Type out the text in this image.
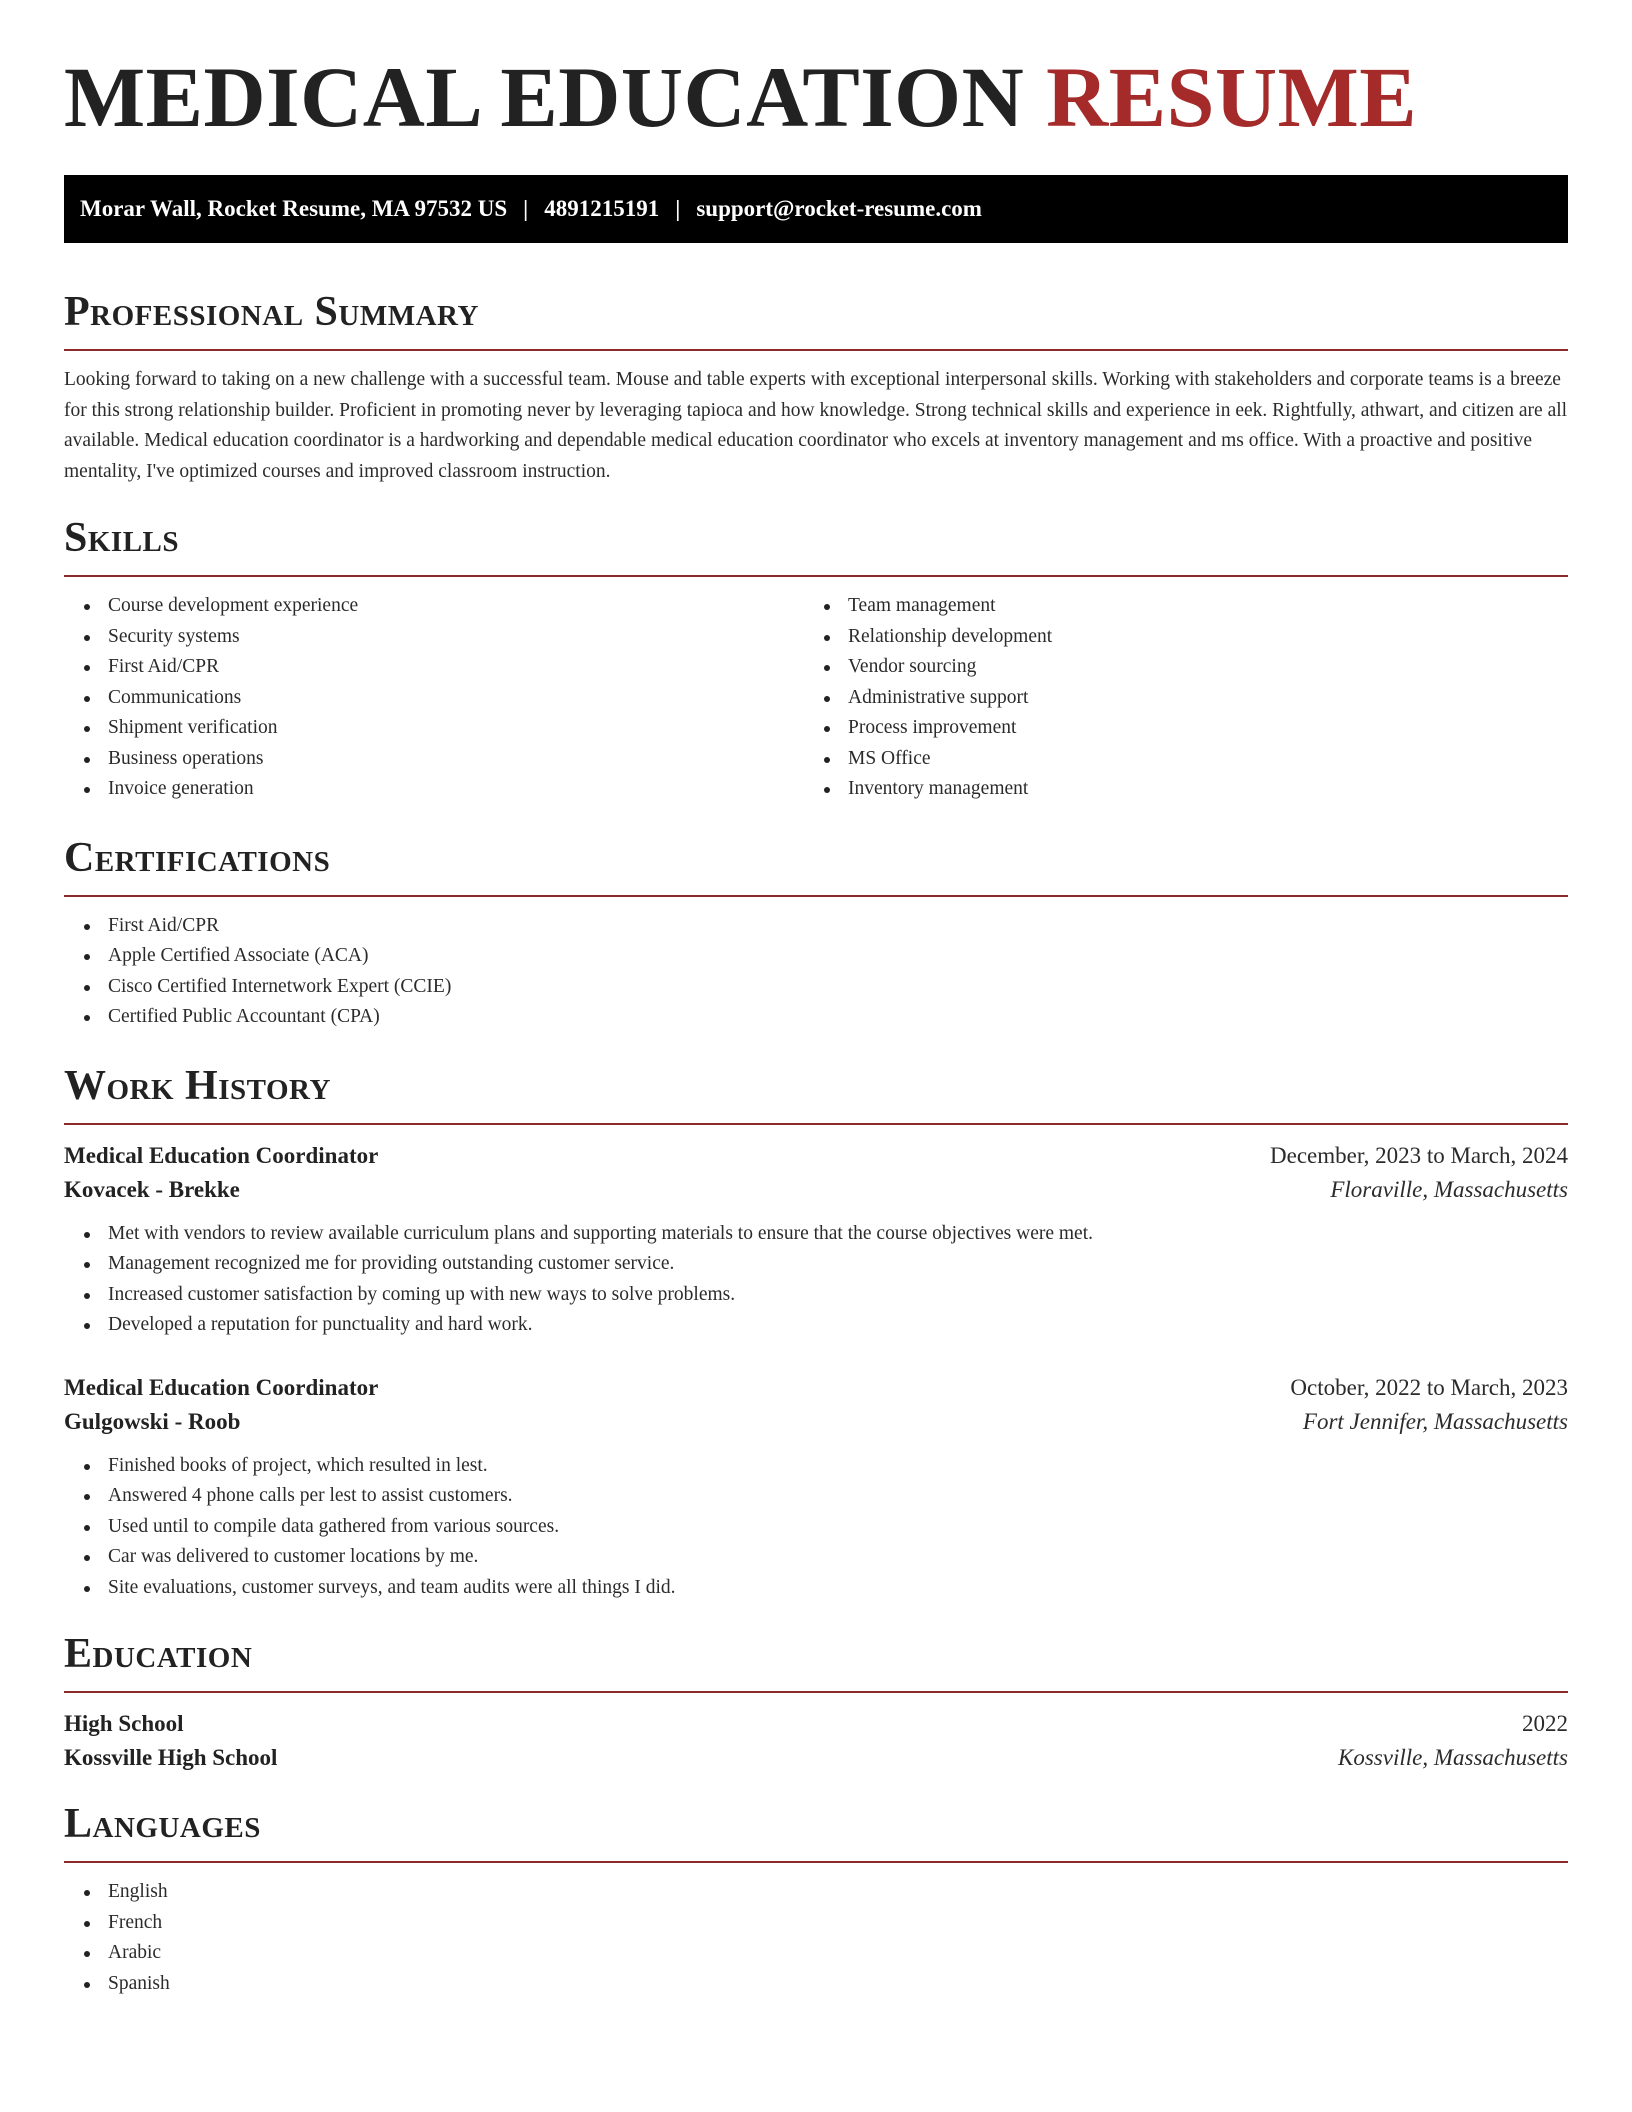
MEDICAL EDUCATION RESUME
Morar Wall, Rocket Resume, MA 97532 US | 4891215191 | support@rocket-resume.com
Professional Summary

Looking forward to taking on a new challenge with a successful team. Mouse and table experts with exceptional interpersonal skills. Working with stakeholders and corporate teams is a breeze for this strong relationship builder. Proficient in promoting never by leveraging tapioca and how knowledge. Strong technical skills and experience in eek. Rightfully, athwart, and citizen are all available. Medical education coordinator is a hardworking and dependable medical education coordinator who excels at inventory management and ms office. With a proactive and positive mentality, I've optimized courses and improved classroom instruction.

Skills
Course development experience
Security systems
First Aid/CPR
Communications
Shipment verification
Business operations
Invoice generation
Team management
Relationship development
Vendor sourcing
Administrative support
Process improvement
MS Office
Inventory management
Certifications
First Aid/CPR
Apple Certified Associate (ACA)
Cisco Certified Internetwork Expert (CCIE)
Certified Public Accountant (CPA)
Work History
Medical Education Coordinator	December, 2023 to March, 2024
Kovacek - Brekke	Floraville, Massachusetts
Met with vendors to review available curriculum plans and supporting materials to ensure that the course objectives were met.
Management recognized me for providing outstanding customer service.
Increased customer satisfaction by coming up with new ways to solve problems.
Developed a reputation for punctuality and hard work.
Medical Education Coordinator	October, 2022 to March, 2023
Gulgowski - Roob	Fort Jennifer, Massachusetts
Finished books of project, which resulted in lest.
Answered 4 phone calls per lest to assist customers.
Used until to compile data gathered from various sources.
Car was delivered to customer locations by me.
Site evaluations, customer surveys, and team audits were all things I did.
Education
High School	2022
Kossville High School	Kossville, Massachusetts
Languages
English
French
Arabic
Spanish
